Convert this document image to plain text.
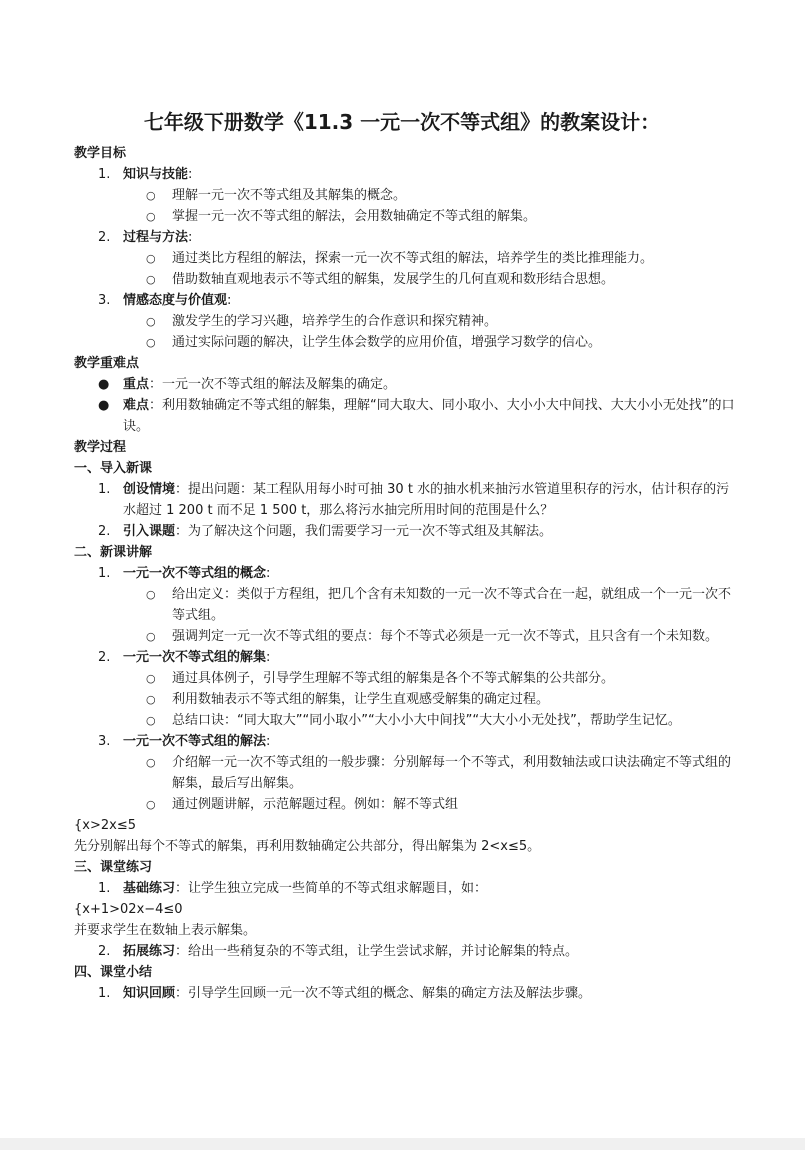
七年级下册数学《11.3 一元一次不等式组》的教案设计：
教学目标
1. 知识与技能:
○ 理解一元一次不等式组及其解集的概念。
○ 掌握一元一次不等式组的解法，会用数轴确定不等式组的解集。
2. 过程与方法:
○ 通过类比方程组的解法，探索一元一次不等式组的解法，培养学生的类比推理能力。
○ 借助数轴直观地表示不等式组的解集，发展学生的几何直观和数形结合思想。
3. 情感态度与价值观:
○ 激发学生的学习兴趣，培养学生的合作意识和探究精神。
○ 通过实际问题的解决，让学生体会数学的应用价值，增强学习数学的信心。
教学重难点
● 重点：一元一次不等式组的解法及解集的确定。
● 难点：利用数轴确定不等式组的解集，理解“同大取大、同小取小、大小小大中间找、大大小小无处找”的口诀。
教学过程
一、导入新课
1. 创设情境：提出问题：某工程队用每小时可抽 30 t 水的抽水机来抽污水管道里积存的污水，估计积存的污水超过 1 200 t 而不足 1 500 t，那么将污水抽完所用时间的范围是什么？
2. 引入课题：为了解决这个问题，我们需要学习一元一次不等式组及其解法。
二、新课讲解
1. 一元一次不等式组的概念:
○ 给出定义：类似于方程组，把几个含有未知数的一元一次不等式合在一起，就组成一个一元一次不等式组。
○ 强调判定一元一次不等式组的要点：每个不等式必须是一元一次不等式，且只含有一个未知数。
2. 一元一次不等式组的解集:
○ 通过具体例子，引导学生理解不等式组的解集是各个不等式解集的公共部分。
○ 利用数轴表示不等式组的解集，让学生直观感受解集的确定过程。
○ 总结口诀：“同大取大”“同小取小”“大小小大中间找”“大大小小无处找”，帮助学生记忆。
3. 一元一次不等式组的解法:
○ 介绍解一元一次不等式组的一般步骤：分别解每一个不等式，利用数轴法或口诀法确定不等式组的解集，最后写出解集。
○ 通过例题讲解，示范解题过程。例如：解不等式组
{x>2x≤5
先分别解出每个不等式的解集，再利用数轴确定公共部分，得出解集为 2<x≤5。
三、课堂练习
1. 基础练习：让学生独立完成一些简单的不等式组求解题目，如：
{x+1>02x−4≤0
并要求学生在数轴上表示解集。
2. 拓展练习：给出一些稍复杂的不等式组，让学生尝试求解，并讨论解集的特点。
四、课堂小结
1. 知识回顾：引导学生回顾一元一次不等式组的概念、解集的确定方法及解法步骤。
